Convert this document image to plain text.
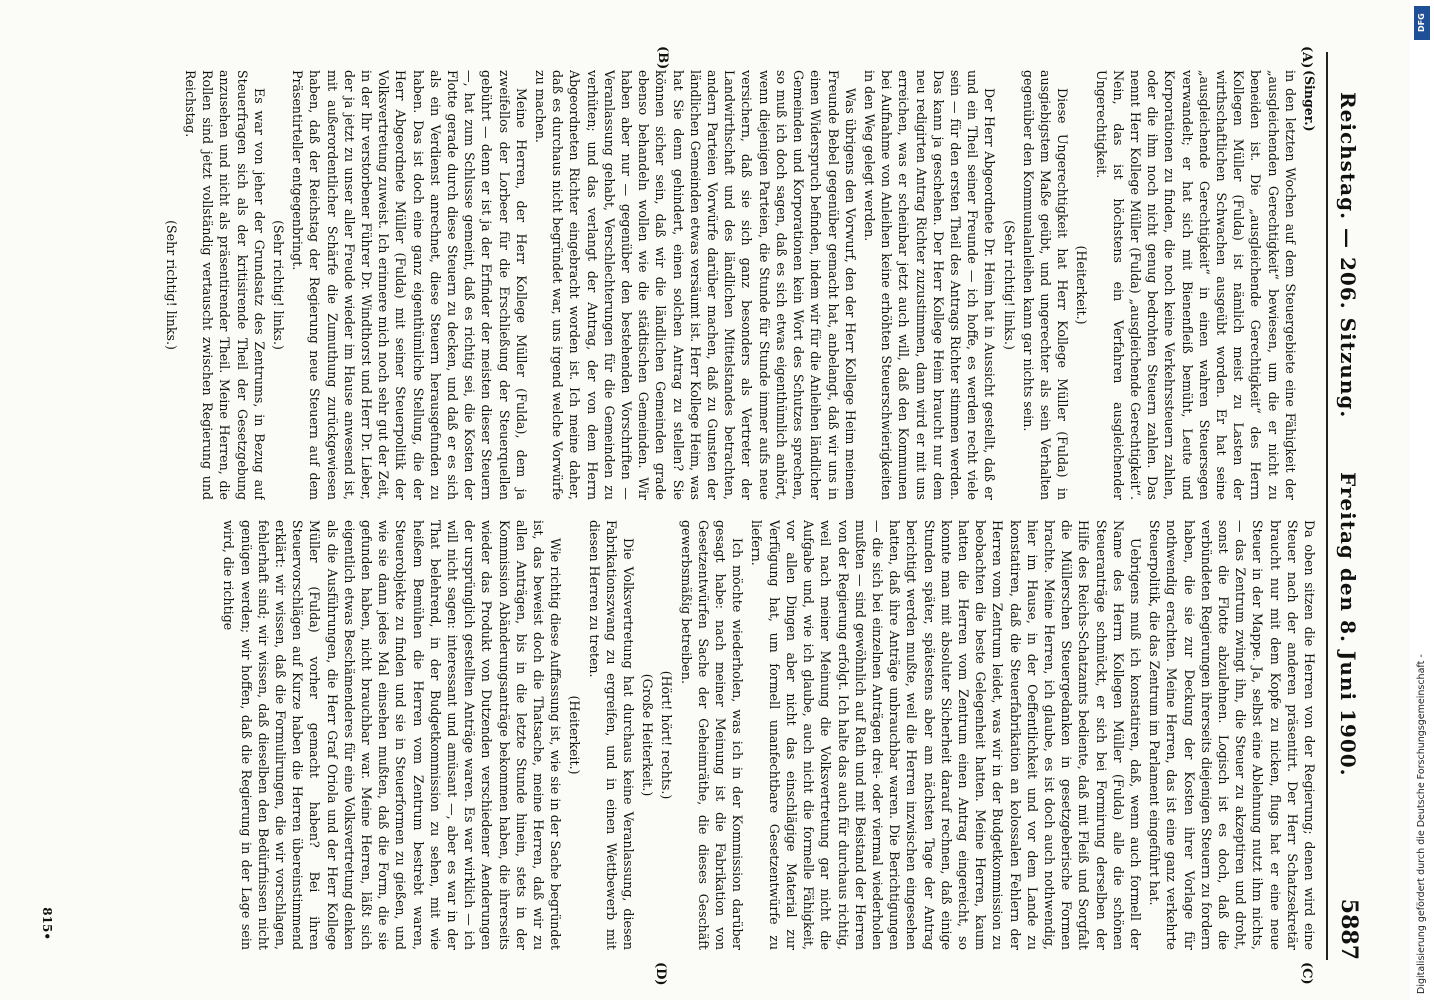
Reichstag. — 206. Sitzung.
Freitag den 8. Juni 1900.
5887
(A)
(B)
(C)
(D)

(Singer.)

in den letzten Wochen auf dem Steuergebiete eine Fähigkeit der „ausgleichenden Gerechtigkeit“ bewiesen, um die er nicht zu beneiden ist. Die „ausgleichende Gerechtigkeit“ des Herrn Kollegen Müller (Fulda) ist nämlich meist zu Lasten der wirthschaftlichen Schwachen ausgeübt worden. Er hat seine „ausgleichende Gerechtigkeit“ in einen wahren Steuersegen verwandelt; er hat sich mit Bienenfleiß bemüht, Leute und Korporationen zu finden, die noch keine Verkehrssteuern zahlen, oder die ihm noch nicht genug bedrohten Steuern zahlen. Das nennt Herr Kollege Müller (Fulda) „ausgleichende Gerechtigkeit“. Nein, das ist höchstens ein Verfahren ausgleichender Ungerechtigkeit.

(Heiterkeit.)

Diese Ungerechtigkeit hat Herr Kollege Müller (Fulda) in ausgiebigstem Maße geübt, und ungerechter als sein Verhalten gegenüber den Kommunalanleihen kann gar nichts sein.

(Sehr richtig! links.)

Der Herr Abgeordnete Dr. Heim hat in Aussicht gestellt, daß er und ein Theil seiner Freunde — ich hoffe, es werden recht viele sein — für den ersten Theil des Antrags Richter stimmen werden. Das kann ja geschehen. Der Herr Kollege Heim braucht nur dem neu redigirten Antrag Richter zuzustimmen, dann wird er mit uns erreichen, was er scheinbar jetzt auch will, daß den Kommunen bei Aufnahme von Anleihen keine erhöhten Steuerschwierigkeiten in den Weg gelegt werden.

Was übrigens den Vorwurf, den der Herr Kollege Heim meinem Freunde Bebel gegenüber gemacht hat, anbelangt, daß wir uns in einen Widerspruch befinden, indem wir für die Anleihen ländlicher Gemeinden und Korporationen kein Wort des Schutzes sprechen, so muß ich doch sagen, daß es sich etwas eigenthümlich anhört, wenn diejenigen Parteien, die Stunde für Stunde immer aufs neue versichern, daß sie sich ganz besonders als Vertreter der Landwirthschaft und des ländlichen Mittelstandes betrachten, andern Parteien Vorwürfe darüber machen, daß zu Gunsten der ländlichen Gemeinden etwas versäumt ist. Herr Kollege Heim, was hat Sie denn gehindert, einen solchen Antrag zu stellen? Sie können sicher sein, daß wir die ländlichen Gemeinden grade ebenso behandeln wollen wie die städtischen Gemeinden. Wir haben aber nur — gegenüber den bestehenden Vorschriften — Veranlassung gehabt, Verschlechterungen für die Gemeinden zu verhüten; und das verlangt der Antrag, der von dem Herrn Abgeordneten Richter eingebracht worden ist. Ich meine daher, daß es durchaus nicht begründet war, uns irgend welche Vorwürfe zu machen.

Meine Herren, der Herr Kollege Müller (Fulda), dem ja zweifellos der Lorbeer für die Erschließung der Steuerquellen gebührt — denn er ist ja der Erfinder der meisten dieser Steuern —, hat zum Schlusse gemeint, daß es richtig sei, die Kosten der Flotte gerade durch diese Steuern zu decken, und daß er es sich als ein Verdienst anrechnet, diese Steuern herausgefunden zu haben. Das ist doch eine ganz eigenthümliche Stellung, die der Herr Abgeordnete Müller (Fulda) mit seiner Steuerpolitik der Volksvertretung zuweist. Ich erinnere mich noch sehr gut der Zeit, in der Ihr verstorbener Führer Dr. Windthorst und Herr Dr. Lieber, der ja jetzt zu unser aller Freude wieder im Hause anwesend ist, mit außerordentlicher Schärfe die Zumuthung zurückgewiesen haben, daß der Reichstag der Regierung neue Steuern auf dem Präsentirteller entgegenbringt.

(Sehr richtig! links.)

Es war von jeher der Grundsatz des Zentrums, in Bezug auf Steuerfragen sich als der kritisirende Theil der Gesetzgebung anzusehen und nicht als präsentirender Theil. Meine Herren, die Rollen sind jetzt vollständig vertauscht zwischen Regierung und Reichstag.

(Sehr richtig! links.)

Da oben sitzen die Herren von der Regierung; denen wird eine Steuer nach der anderen präsentirt. Der Herr Schatzsekretär braucht nur mit dem Kopfe zu nicken, flugs hat er eine neue Steuer in der Mappe. Ja, selbst eine Ablehnung nutzt ihm nichts, — das Zentrum zwingt ihn, die Steuer zu akzeptiren und droht, sonst die Flotte abzulehnen. Logisch ist es doch, daß die verbündeten Regierungen ihrerseits diejenigen Steuern zu fordern haben, die sie zur Deckung der Kosten ihrer Vorlage für nothwendig erachten. Meine Herren, das ist eine ganz verkehrte Steuerpolitik, die das Zentrum im Parlament eingeführt hat.

Uebrigens muß ich konstatiren, daß, wenn auch formell der Name des Herrn Kollegen Müller (Fulda) alle die schönen Steueranträge schmückt, er sich bei Formirung derselben der Hilfe des Reichs-Schatzamts bediente, daß mit Fleiß und Sorgfalt die Müllerschen Steuergedanken in gesetzgeberische Formen brachte. Meine Herren, ich glaube, es ist doch auch nothwendig, hier im Hause, in der Oeffentlichkeit und vor dem Lande zu konstatiren, daß die Steuerfabrikation an kolossalen Fehlern der Herren vom Zentrum leidet, was wir in der Budgetkommission zu beobachten die beste Gelegenheit hatten. Meine Herren, kaum hatten die Herren vom Zentrum einen Antrag eingereicht, so konnte man mit absoluter Sicherheit darauf rechnen, daß einige Stunden später, spätestens aber am nächsten Tage der Antrag berichtigt werden mußte, weil die Herren inzwischen eingesehen hatten, daß ihre Anträge unbrauchbar waren. Die Berichtigungen — die sich bei einzelnen Anträgen drei- oder viermal wiederholen mußten — sind gewöhnlich auf Rath und mit Beistand der Herren von der Regierung erfolgt. Ich halte das auch für durchaus richtig, weil nach meiner Meinung die Volksvertretung gar nicht die Aufgabe und, wie ich glaube, auch nicht die formelle Fähigkeit, vor allen Dingen aber nicht das einschlägige Material zur Verfügung hat, um formell unanfechtbare Gesetzentwürfe zu liefern.

Ich möchte wiederholen, was ich in der Kommission darüber gesagt habe: nach meiner Meinung ist die Fabrikation von Gesetzentwürfen Sache der Geheimräthe, die dieses Geschäft gewerbsmäßig betreiben.

(Hört! hört! rechts.)

(Große Heiterkeit.)

Die Volksvertretung hat durchaus keine Veranlassung, diesen Fabrikationszwang zu ergreifen, und in einen Wettbewerb mit diesen Herren zu treten.

(Heiterkeit.)

Wie richtig diese Auffassung ist, wie sie in der Sache begründet ist, das beweist doch die Thatsache, meine Herren, daß wir zu allen Anträgen, bis in die letzte Stunde hinein, stets in der Kommission Abänderungsanträge bekommen haben, die ihrerseits wieder das Produkt von Dutzenden verschiedener Aenderungen der ursprünglich gestellten Anträge waren. Es war wirklich — ich will nicht sagen: interessant und amüsant —, aber es war in der That belehrend, in der Budgetkommission zu sehen, mit wie heißem Bemühen die Herren vom Zentrum bestrebt waren, Steuerobjekte zu finden und sie in Steuerformen zu gießen, und wie sie dann jedes Mal einsehen mußten, daß die Form, die sie gefunden haben, nicht brauchbar war. Meine Herren, läßt sich eigentlich etwas Beschämenderes für eine Volksvertretung denken als die Ausführungen, die Herr Graf Oriola und der Herr Kollege Müller (Fulda) vorher gemacht haben? Bei ihren Steuervorschlägen auf Kurze haben die Herren übereinstimmend erklärt: wir wissen, daß die Formulirungen, die wir vorschlagen, fehlerhaft sind; wir wissen, daß dieselben den Bedürfnissen nicht genügen werden; wir hoffen, daß die Regierung in der Lage sein wird, die richtige

815•
DFG
Digitalisierung gefördert durch die Deutsche Forschungsgemeinschaft -
